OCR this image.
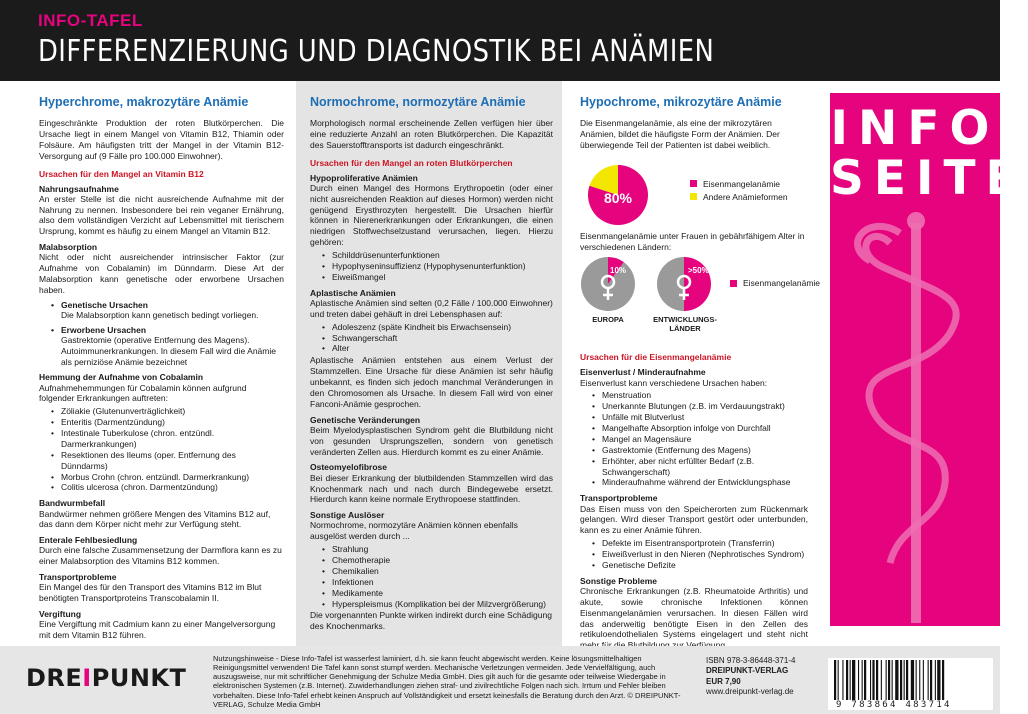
INFO-TAFEL
DIFFERENZIERUNG UND DIAGNOSTIK BEI ANÄMIEN
Hyperchrome, makrozytäre Anämie

Eingeschränkte Produktion der roten Blutkörperchen. Die Ursache liegt in einem Mangel von Vitamin B12, Thiamin oder Folsäure. Am häufigsten tritt der Mangel in der Vitamin B12-Versorgung auf (9 Fälle pro 100.000 Einwohner).

Ursachen für den Mangel an Vitamin B12
Nahrungsaufnahme

An erster Stelle ist die nicht ausreichende Aufnahme mit der Nahrung zu nennen. Insbesondere bei rein veganer Ernährung, also dem vollständigen Verzicht auf Lebensmittel mit tierischem Ursprung, kommt es häufig zu einem Mangel an Vitamin B12.

Malabsorption

Nicht oder nicht ausreichender intrinsischer Faktor (zur Aufnahme von Cobalamin) im Dünndarm. Diese Art der Malabsorption kann genetische oder erworbene Ursachen haben.

• Genetische Ursachen

Die Malabsorption kann genetisch bedingt vorliegen.

• Erworbene Ursachen

Gastrektomie (operative Entfernung des Magens). Autoimmunerkrankungen. In diesem Fall wird die Anämie als perniziöse Anämie bezeichnet

Hemmung der Aufnahme von Cobalamin

Aufnahmehemmungen für Cobalamin können aufgrund folgender Erkrankungen auftreten:

• Zöliakie (Glutenunverträglichkeit)
• Enteritis (Darmentzündung)
• Intestinale Tuberkulose (chron. entzündl. Darmerkrankungen)
• Resektionen des Ileums (oper. Entfernung des Dünndarms)
• Morbus Crohn (chron. entzündl. Darmerkrankung)
• Colitis ulcerosa (chron. Darmentzündung)
Bandwurmbefall

Bandwürmer nehmen größere Mengen des Vitamins B12 auf, das dann dem Körper nicht mehr zur Verfügung steht.

Enterale Fehlbesiedlung

Durch eine falsche Zusammensetzung der Darmflora kann es zu einer Malabsorption des Vitamins B12 kommen.

Transportprobleme

Ein Mangel des für den Transport des Vitamins B12 im Blut benötigten Transportproteins Transcobalamin II.

Vergiftung

Eine Vergiftung mit Cadmium kann zu einer Mangelversorgung mit dem Vitamin B12 führen.

Normochrome, normozytäre Anämie

Morphologisch normal erscheinende Zellen verfügen hier über eine reduzierte Anzahl an roten Blutkörperchen. Die Kapazität des Sauerstofftransports ist dadurch eingeschränkt.

Ursachen für den Mangel an roten Blutkörperchen
Hypoproliferative Anämien

Durch einen Mangel des Hormons Erythropoetin (oder einer nicht ausreichenden Reaktion auf dieses Hormon) werden nicht genügend Erysthrozyten hergestellt. Die Ursachen hierfür können in Nierenerkrankungen oder Erkrankungen, die einen niedrigen Stoffwechselzustand verursachen, liegen. Hierzu gehören:

• Schilddrüsenunterfunktionen
• Hypophyseninsuffizienz (Hypophysenunterfunktion)
• Eiweißmangel
Aplastische Anämien

Aplastische Anämien sind selten (0,2 Fälle / 100.000 Einwohner) und treten dabei gehäuft in drei Lebensphasen auf:

• Adoleszenz (späte Kindheit bis Erwachsensein)
• Schwangerschaft
• Alter

Aplastische Anämien entstehen aus einem Verlust der Stammzellen. Eine Ursache für diese Anämien ist sehr häufig unbekannt, es finden sich jedoch manchmal Veränderungen in den Chromosomen als Ursache. In diesem Fall wird von einer Fanconi-Anämie gesprochen.

Genetische Veränderungen

Beim Myelodysplastischen Syndrom geht die Blutbildung nicht von gesunden Ursprungszellen, sondern von genetisch veränderten Zellen aus. Hierdurch kommt es zu einer Anämie.

Osteomyelofibrose

Bei dieser Erkrankung der blutbildenden Stammzellen wird das Knochenmark nach und nach durch Bindegewebe ersetzt. Hierdurch kann keine normale Erythropoese stattfinden.

Sonstige Auslöser

Normochrome, normozytäre Anämien können ebenfalls ausgelöst werden durch ...

• Strahlung
• Chemotherapie
• Chemikalien
• Infektionen
• Medikamente
• Hyperspleismus (Komplikation bei der Milzvergrößerung)

Die vorgenannten Punkte wirken indirekt durch eine Schädigung des Knochenmarks.

Hypochrome, mikrozytäre Anämie

Die Eisenmangelanämie, als eine der mikrozytären Anämien, bildet die häufigste Form der Anämien. Der überwiegende Teil der Patienten ist dabei weiblich.

80%
Eisenmangelanämie
Andere Anämieformen

Eisenmangelanämie unter Frauen in gebährfähigem Alter in verschiedenen Ländern:

10%
EUROPA
>50%
ENTWICKLUNGS-LÄNDER
Eisenmangelanämie
Ursachen für die Eisenmangelanämie
Eisenverlust / Minderaufnahme

Eisenverlust kann verschiedene Ursachen haben:

• Menstruation
• Unerkannte Blutungen (z.B. im Verdauungstrakt)
• Unfälle mit Blutverlust
• Mangelhafte Absorption infolge von Durchfall
• Mangel an Magensäure
• Gastrektomie (Entfernung des Magens)
• Erhöhter, aber nicht erfüllter Bedarf (z.B. Schwangerschaft)
• Minderaufnahme während der Entwicklungsphase
Transportprobleme

Das Eisen muss von den Speicherorten zum Rückenmark gelangen. Wird dieser Transport gestört oder unterbunden, kann es zu einer Anämie führen.

• Defekte im Eisentransportprotein (Transferrin)
• Eiweißverlust in den Nieren (Nephrotisches Syndrom)
• Genetische Defizite
Sonstige Probleme

Chronische Erkrankungen (z.B. Rheumatoide Arthritis) und akute, sowie chronische Infektionen können Eisenmangelanämien verursachen. In diesen Fällen wird das anderweitig benötigte Eisen in den Zellen des retikuloendothelialen Systems eingelagert und steht nicht

INFO
SEITE
DREIPUNKT
Nutzungshinweise - Diese Info-Tafel ist wasserfest laminiert, d.h. sie kann feucht abgewischt werden. Keine lösungsmittelhaltigen Reinigungsmittel verwenden! Die Tafel kann sonst stumpf werden. Mechanische Verletzungen vermeiden. Jede Vervielfältigung, auch auszugsweise, nur mit schriftlicher Genehmigung der Schulze Media GmbH. Dies gilt auch für die gesamte oder teilweise Wiedergabe in elektronischen Systemen (z.B. Internet). Zuwiderhandlungen ziehen straf- und zivilrechtliche Folgen nach sich. Irrtum und Fehler bleiben vorbehalten. Diese Info-Tafel erhebt keinen Anspruch auf Vollständigkeit und ersetzt keinesfalls die Beratung durch den Arzt. © DREIPUNKT-VERLAG, Schulze Media GmbH
ISBN 978-3-86448-371-4
DREIPUNKT-VERLAG
EUR 7,90
www.dreipunkt-verlag.de
9 783864 483714
